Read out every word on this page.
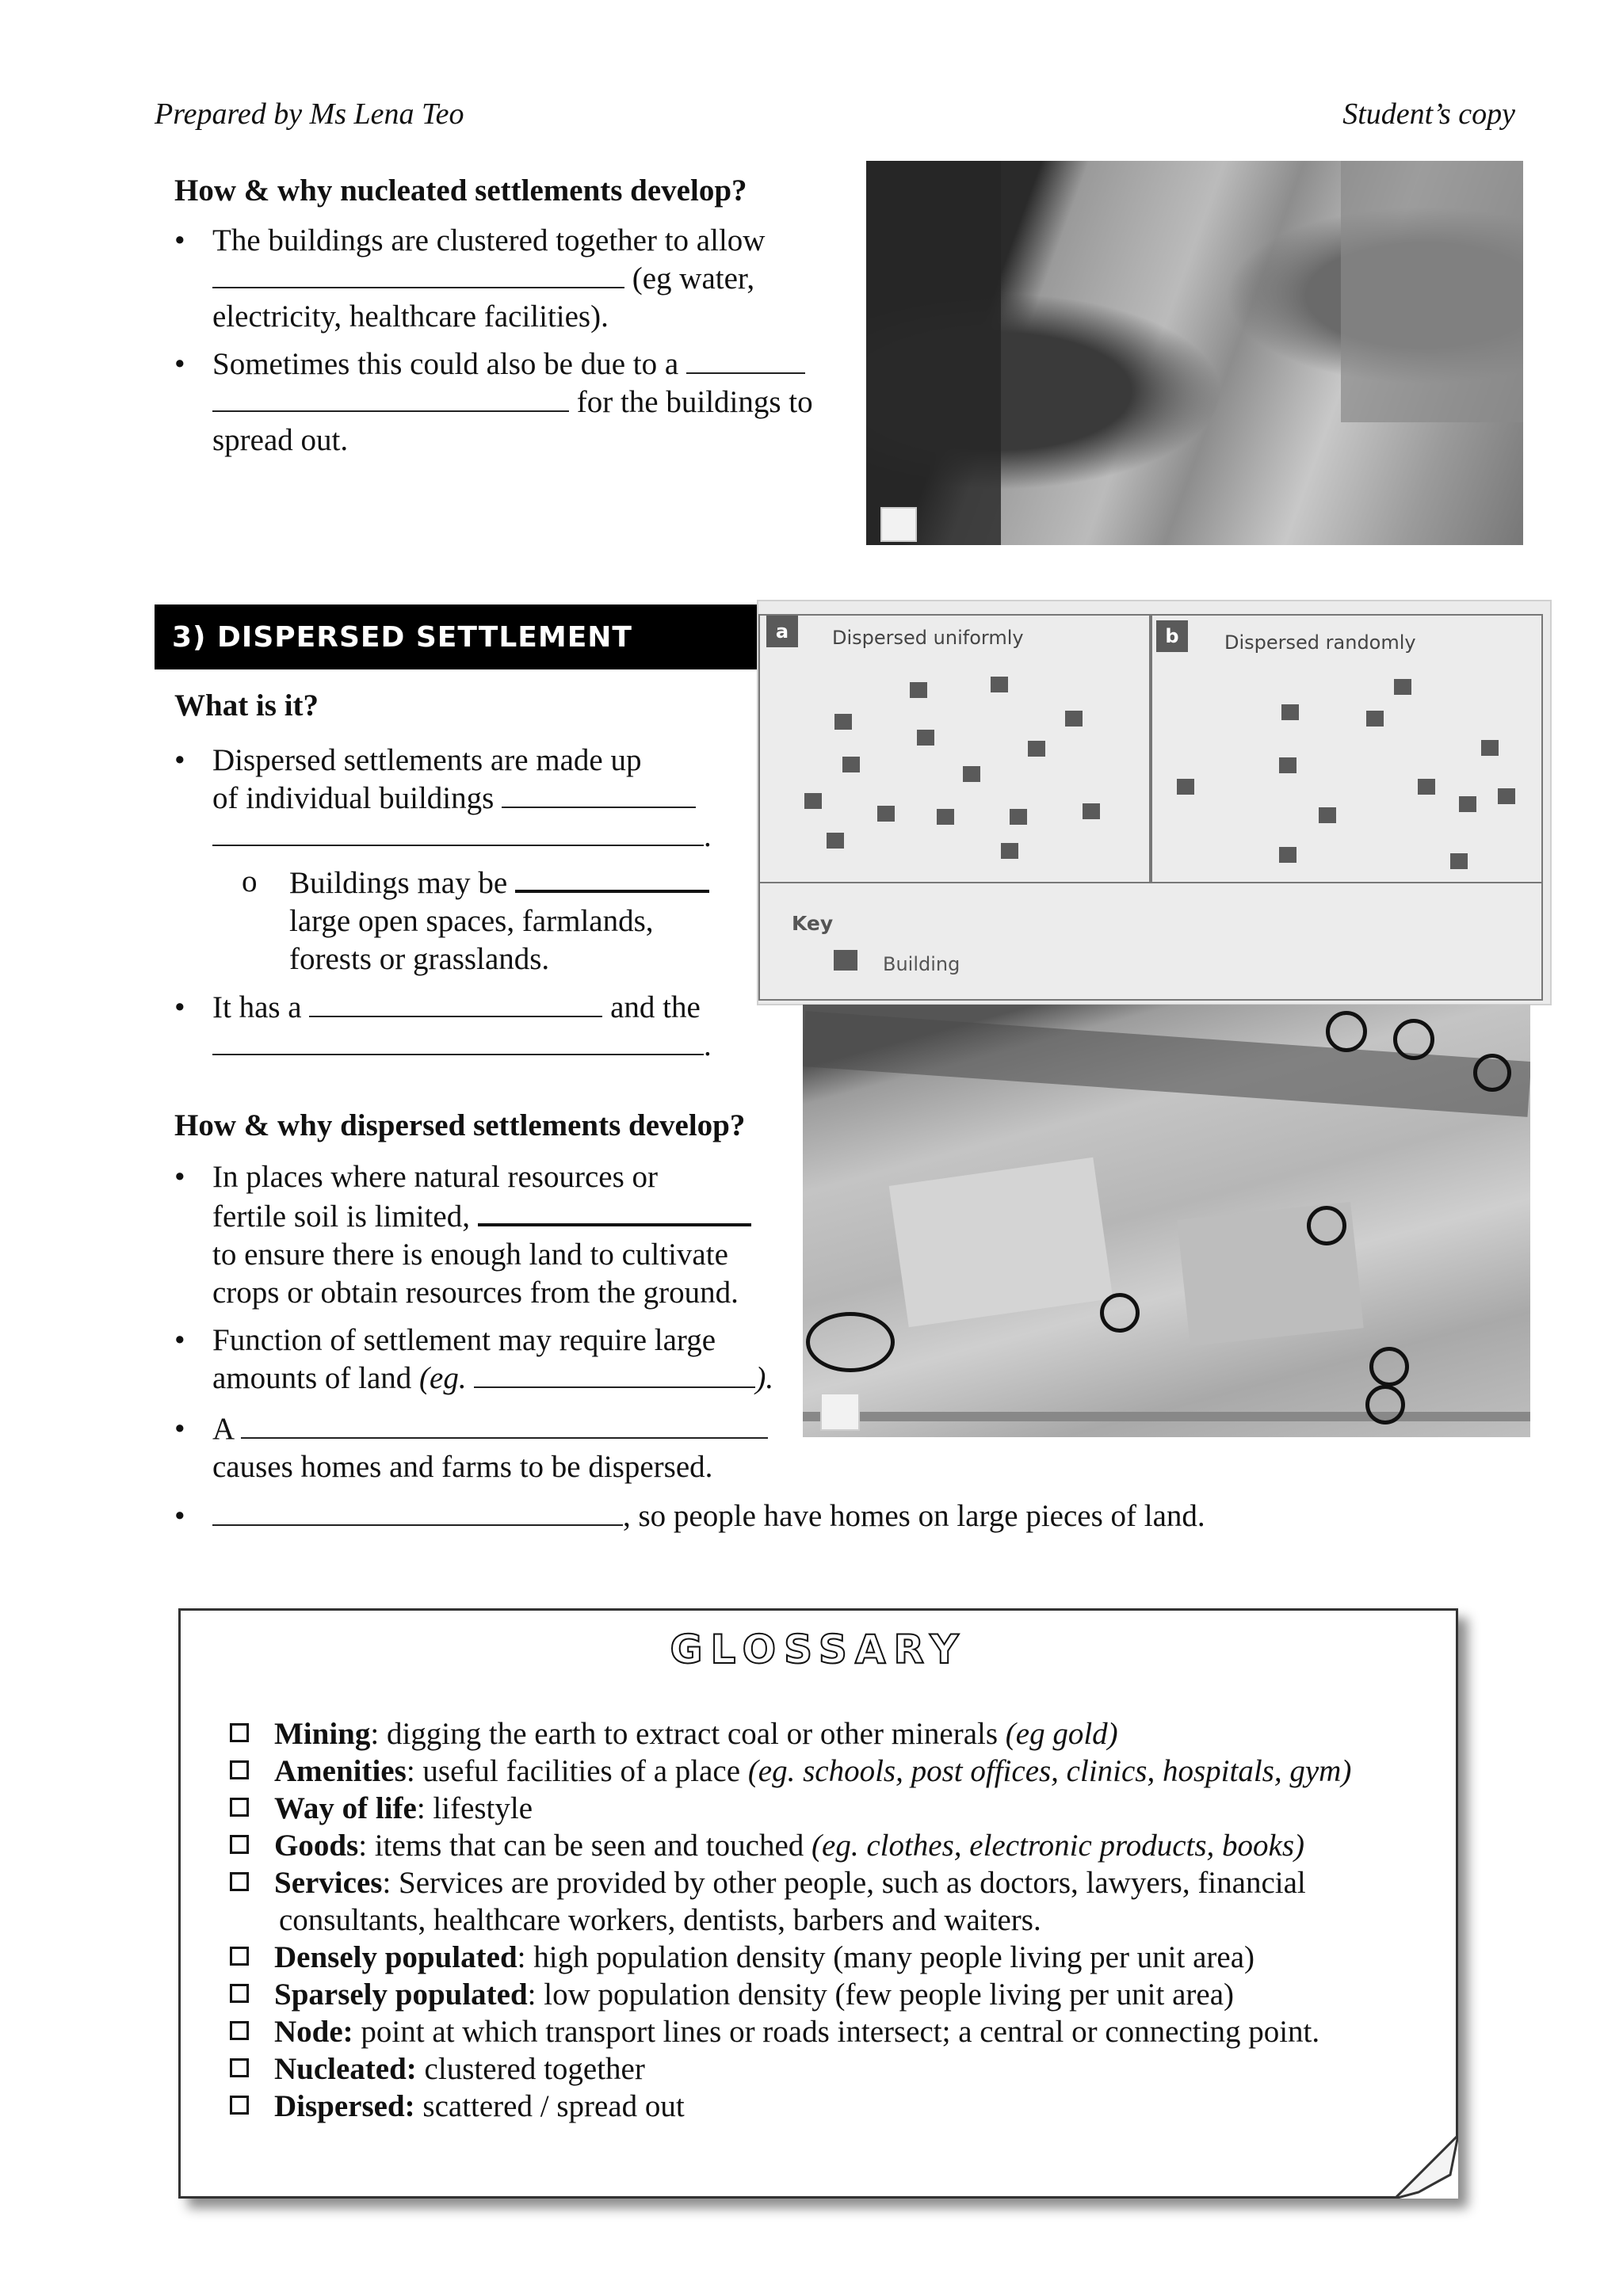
Prepared by Ms Lena Teo	Student’s copy
How & why nucleated settlements develop?
• The buildings are clustered together to allow
(eg water,
electricity, healthcare facilities).
• Sometimes this could also be due to a
for the buildings to
spread out.
3) DISPERSED SETTLEMENT	a	Dispersed uniformly	b	Dispersed randomly
Key
Building
What is it?
• Dispersed settlements are made up
of individual buildings
.
o Buildings may be
large open spaces, farmlands,
forests or grasslands.
• It has a	and the
.
How & why dispersed settlements develop?
• In places where natural resources or
fertile soil is limited,
to ensure there is enough land to cultivate
crops or obtain resources from the ground.
• Function of settlement may require large
amounts of land (eg.	).
• A
causes homes and farms to be dispersed.
•	, so people have homes on large pieces of land.
GLOSSARY
Mining: digging the earth to extract coal or other minerals (eg gold)
Amenities: useful facilities of a place (eg. schools, post offices, clinics, hospitals, gym)
Way of life: lifestyle
Goods: items that can be seen and touched (eg. clothes, electronic products, books)
Services: Services are provided by other people, such as doctors, lawyers, financial
consultants, healthcare workers, dentists, barbers and waiters.
Densely populated: high population density (many people living per unit area)
Sparsely populated: low population density (few people living per unit area)
Node: point at which transport lines or roads intersect; a central or connecting point.
Nucleated: clustered together
Dispersed: scattered / spread out
